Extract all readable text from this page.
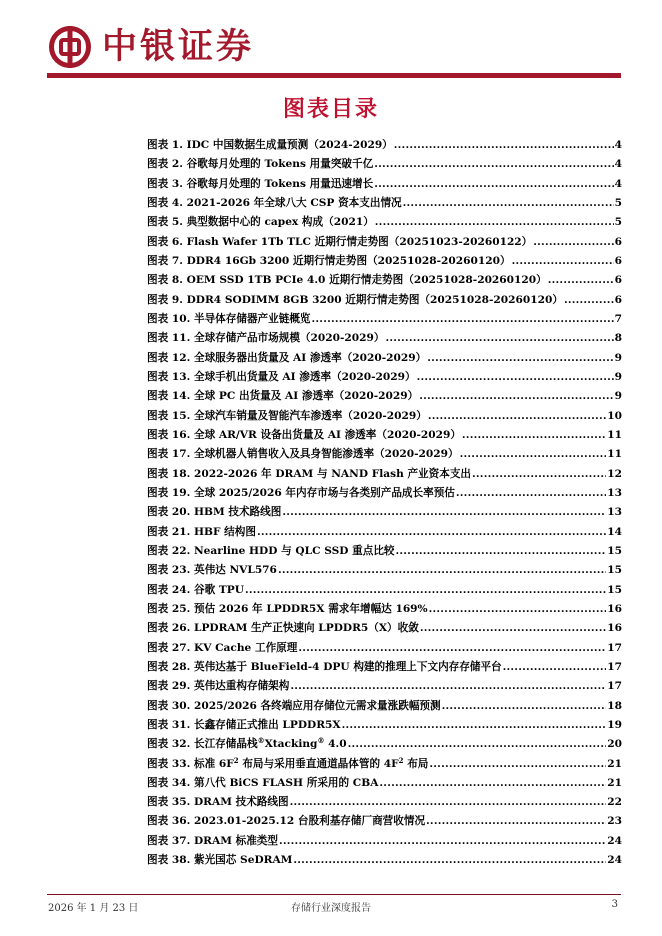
中银证券
图表目录
图表 1. IDC 中国数据生成量预测（2024-2029） .....	4
图表 2. 谷歌每月处理的 Tokens 用量突破千亿 .....	4
图表 3. 谷歌每月处理的 Tokens 用量迅速增长 .....	4
图表 4. 2021-2026 年全球八大 CSP 资本支出情况 .....	5
图表 5. 典型数据中心的 capex 构成（2021） .....	5
图表 6. Flash Wafer 1Tb TLC 近期行情走势图（20251023-20260122） .....	6
图表 7. DDR4 16Gb 3200 近期行情走势图（20251028-20260120） .....	6
图表 8. OEM SSD 1TB PCIe 4.0 近期行情走势图（20251028-20260120） .....	6
图表 9. DDR4 SODIMM 8GB 3200 近期行情走势图（20251028-20260120） .....	6
图表 10. 半导体存储器产业链概览 .....	7
图表 11. 全球存储产品市场规模（2020-2029） .....	8
图表 12. 全球服务器出货量及 AI 渗透率（2020-2029） .....	9
图表 13. 全球手机出货量及 AI 渗透率（2020-2029） .....	9
图表 14. 全球 PC 出货量及 AI 渗透率（2020-2029） .....	9
图表 15. 全球汽车销量及智能汽车渗透率（2020-2029） .....	10
图表 16. 全球 AR/VR 设备出货量及 AI 渗透率（2020-2029） .....	11
图表 17. 全球机器人销售收入及具身智能渗透率（2020-2029） .....	11
图表 18. 2022-2026 年 DRAM 与 NAND Flash 产业资本支出 .....	12
图表 19. 全球 2025/2026 年内存市场与各类别产品成长率预估 .....	13
图表 20. HBM 技术路线图 .....	13
图表 21. HBF 结构图 .....	14
图表 22. Nearline HDD 与 QLC SSD 重点比较 .....	15
图表 23. 英伟达 NVL576 .....	15
图表 24. 谷歌 TPU .....	15
图表 25. 预估 2026 年 LPDDR5X 需求年增幅达 169% .....	16
图表 26. LPDRAM 生产正快速向 LPDDR5（X）收敛 .....	16
图表 27. KV Cache 工作原理 .....	17
图表 28. 英伟达基于 BlueField-4 DPU 构建的推理上下文内存存储平台 .....	17
图表 29. 英伟达重构存储架构 .....	17
图表 30. 2025/2026 各终端应用存储位元需求量涨跌幅预测 .....	18
图表 31. 长鑫存储正式推出 LPDDR5X .....	19
图表 32. 长江存储晶栈®Xtacking® 4.0 .....	20
图表 33. 标准 $6F^2$ 布局与采用垂直通道晶体管的 $4F^2$ 布局 .....	21
图表 34. 第八代 BiCS FLASH 所采用的 CBA .....	21
图表 35. DRAM 技术路线图 .....	22
图表 36. 2023.01-2025.12 台股利基存储厂商营收情况 .....	23
图表 37. DRAM 标准类型 .....	24
图表 38. 紫光国芯 SeDRAM .....	24
2026 年 1 月 23 日	存储行业深度报告	3
